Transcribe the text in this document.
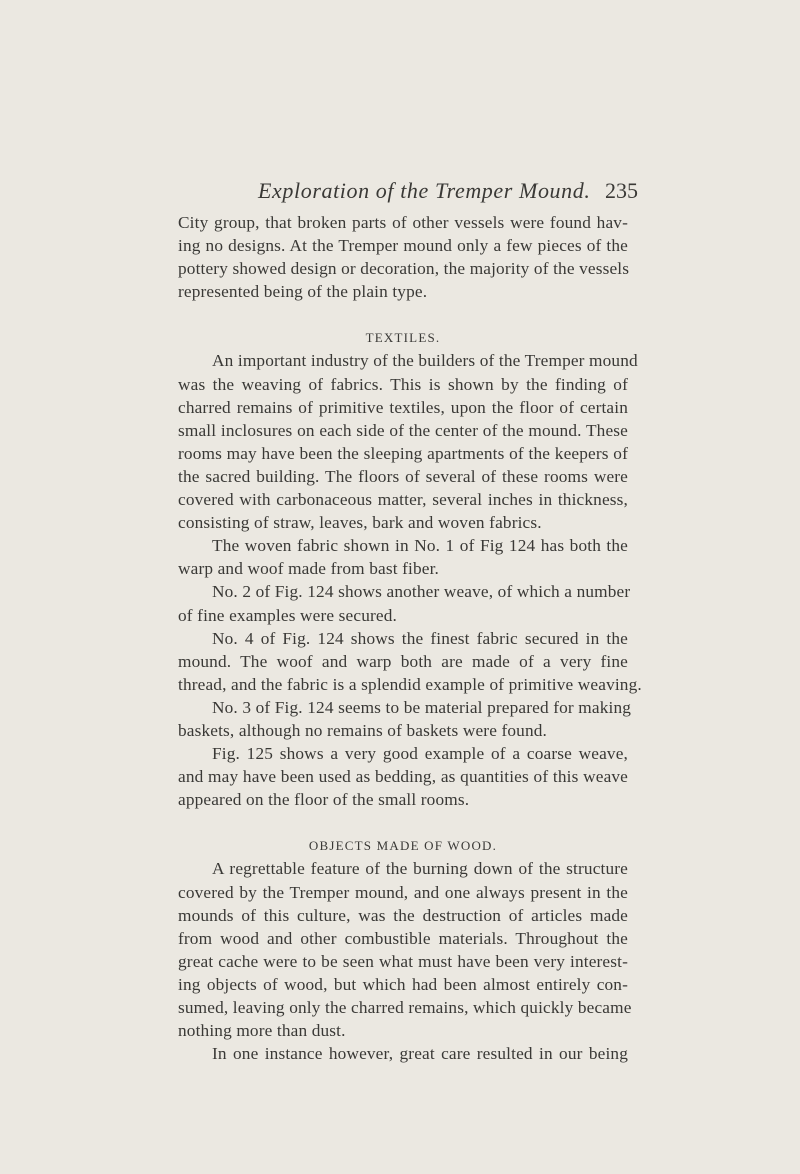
Exploration of the Tremper Mound. 235
City group, that broken parts of other vessels were found hav-
ing no designs. At the Tremper mound only a few pieces of the
pottery showed design or decoration, the majority of the vessels
represented being of the plain type.
TEXTILES.
An important industry of the builders of the Tremper mound
was the weaving of fabrics. This is shown by the finding of
charred remains of primitive textiles, upon the floor of certain
small inclosures on each side of the center of the mound. These
rooms may have been the sleeping apartments of the keepers of
the sacred building. The floors of several of these rooms were
covered with carbonaceous matter, several inches in thickness,
consisting of straw, leaves, bark and woven fabrics.
The woven fabric shown in No. 1 of Fig 124 has both the
warp and woof made from bast fiber.
No. 2 of Fig. 124 shows another weave, of which a number
of fine examples were secured.
No. 4 of Fig. 124 shows the finest fabric secured in the
mound. The woof and warp both are made of a very fine
thread, and the fabric is a splendid example of primitive weaving.
No. 3 of Fig. 124 seems to be material prepared for making
baskets, although no remains of baskets were found.
Fig. 125 shows a very good example of a coarse weave,
and may have been used as bedding, as quantities of this weave
appeared on the floor of the small rooms.
OBJECTS MADE OF WOOD.
A regrettable feature of the burning down of the structure
covered by the Tremper mound, and one always present in the
mounds of this culture, was the destruction of articles made
from wood and other combustible materials. Throughout the
great cache were to be seen what must have been very interest-
ing objects of wood, but which had been almost entirely con-
sumed, leaving only the charred remains, which quickly became
nothing more than dust.
In one instance however, great care resulted in our being
